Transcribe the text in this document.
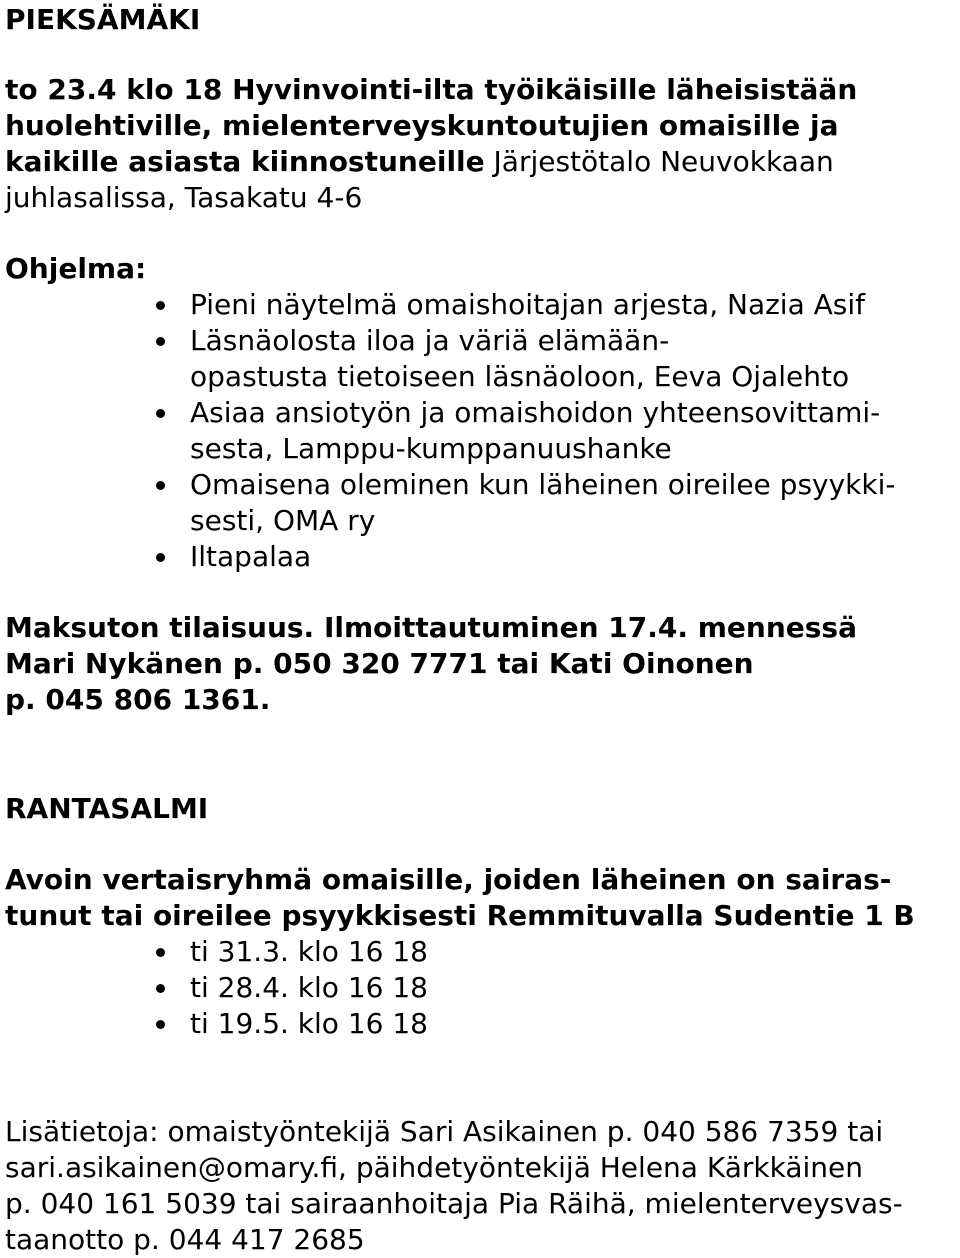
PIEKSÄMÄKI
to 23.4 klo 18 Hyvinvointi-ilta työikäisille läheisistään
huolehtiville, mielenterveyskuntoutujien omaisille ja
kaikille asiasta kiinnostuneille Järjestötalo Neuvokkaan
juhlasalissa, Tasakatu 4-6
Ohjelma:
Pieni näytelmä omaishoitajan arjesta, Nazia Asif
Läsnäolosta iloa ja väriä elämään-
opastusta tietoiseen läsnäoloon, Eeva Ojalehto
Asiaa ansiotyön ja omaishoidon yhteensovittami-
sesta, Lamppu-kumppanuushanke
Omaisena oleminen kun läheinen oireilee psyykki-
sesti, OMA ry
Iltapalaa
Maksuton tilaisuus. Ilmoittautuminen 17.4. mennessä
Mari Nykänen p. 050 320 7771 tai Kati Oinonen
p. 045 806 1361.
RANTASALMI
Avoin vertaisryhmä omaisille, joiden läheinen on sairas-
tunut tai oireilee psyykkisesti Remmituvalla Sudentie 1 B
ti 31.3. klo 16 18
ti 28.4. klo 16 18
ti 19.5. klo 16 18
Lisätietoja: omaistyöntekijä Sari Asikainen p. 040 586 7359 tai
sari.asikainen@omary.fi, päihdetyöntekijä Helena Kärkkäinen
p. 040 161 5039 tai sairaanhoitaja Pia Räihä, mielenterveysvas-
taanotto p. 044 417 2685
